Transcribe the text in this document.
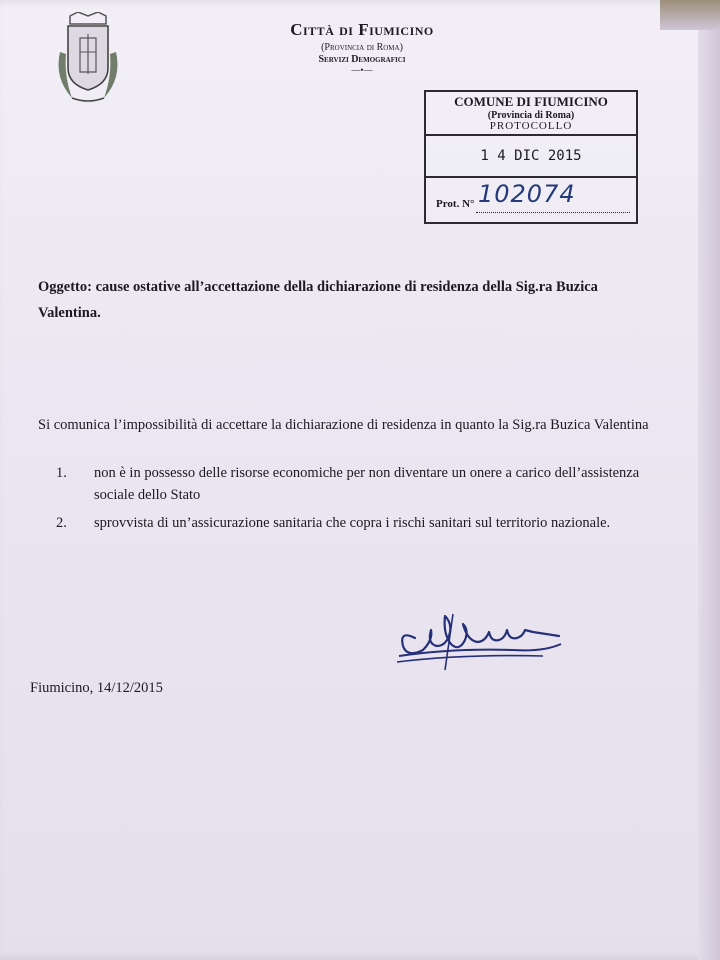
Città di Fiumicino
(Provincia di Roma)
Servizi Demografici
—•—
COMUNE DI FIUMICINO
(Provincia di Roma)
PROTOCOLLO
1 4 DIC 2015
Prot. N° 102074
Oggetto: cause ostative all’accettazione della dichiarazione di residenza della Sig.ra Buzica Valentina.
Si comunica l’impossibilità di accettare la dichiarazione di residenza in quanto la Sig.ra Buzica Valentina
1. non è in possesso delle risorse economiche per non diventare un onere a carico dell’assistenza sociale dello Stato
2. sprovvista di un’assicurazione sanitaria che copra i rischi sanitari sul territorio nazionale.
Fiumicino, 14/12/2015
